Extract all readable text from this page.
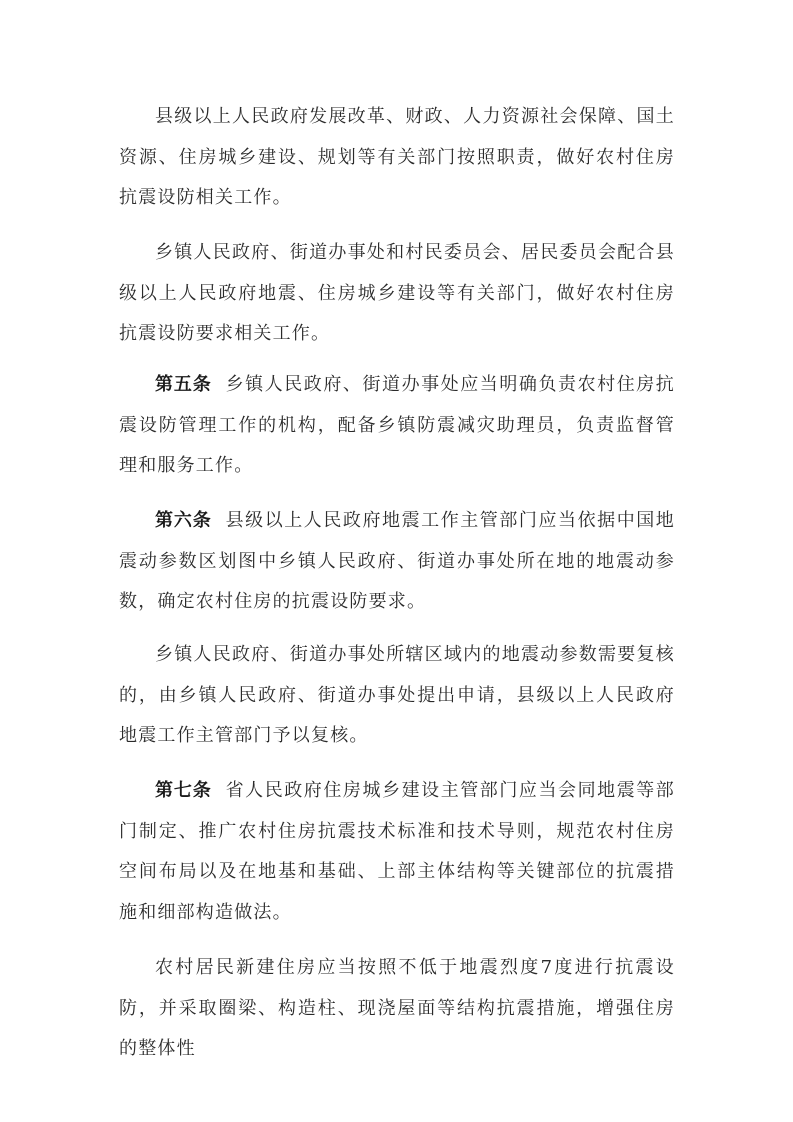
县级以上人民政府发展改革、财政、人力资源社会保障、国土资源、住房城乡建设、规划等有关部门按照职责，做好农村住房抗震设防相关工作。

乡镇人民政府、街道办事处和村民委员会、居民委员会配合县级以上人民政府地震、住房城乡建设等有关部门，做好农村住房抗震设防要求相关工作。

第五条 乡镇人民政府、街道办事处应当明确负责农村住房抗震设防管理工作的机构，配备乡镇防震减灾助理员，负责监督管理和服务工作。

第六条 县级以上人民政府地震工作主管部门应当依据中国地震动参数区划图中乡镇人民政府、街道办事处所在地的地震动参数，确定农村住房的抗震设防要求。

乡镇人民政府、街道办事处所辖区域内的地震动参数需要复核的，由乡镇人民政府、街道办事处提出申请，县级以上人民政府地震工作主管部门予以复核。

第七条 省人民政府住房城乡建设主管部门应当会同地震等部门制定、推广农村住房抗震技术标准和技术导则，规范农村住房空间布局以及在地基和基础、上部主体结构等关键部位的抗震措施和细部构造做法。

农村居民新建住房应当按照不低于地震烈度7度进行抗震设防，并采取圈梁、构造柱、现浇屋面等结构抗震措施，增强住房的整体性
